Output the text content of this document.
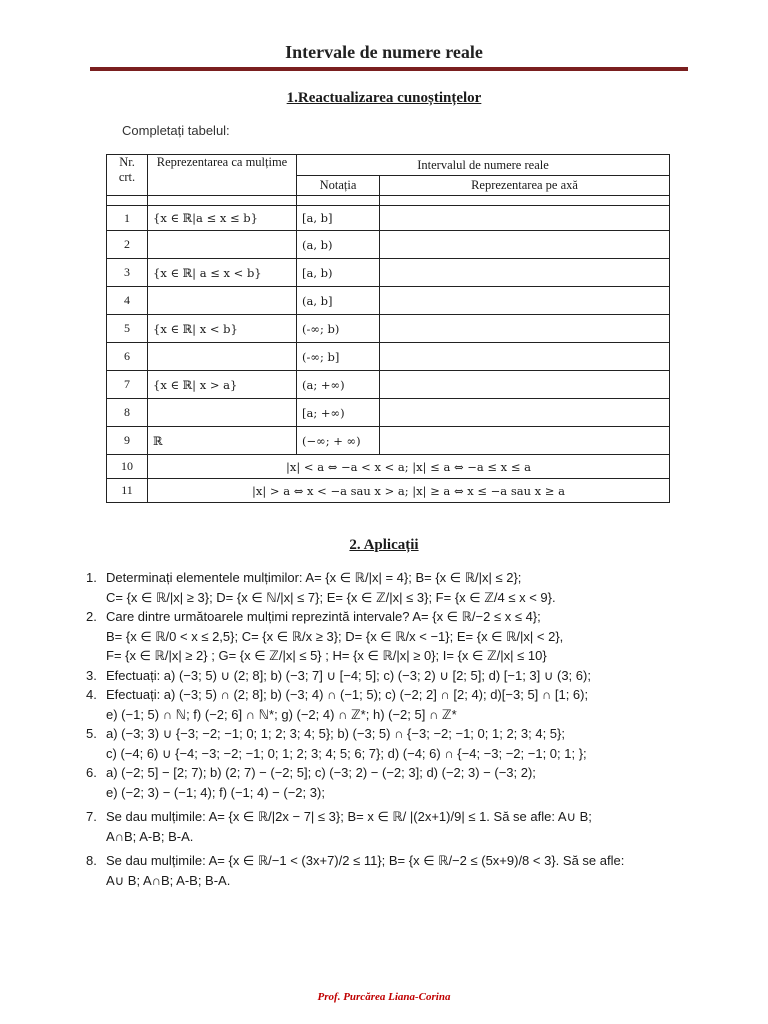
Intervale de numere reale
1.Reactualizarea cunoștințelor
Completați tabelul:
Nr. crt.	Reprezentarea ca mulțime	Intervalul de numere reale	
		Notația	Reprezentarea pe axă

1	{x ∈ ℝ|a ≤ x ≤ b}	[a, b]	
2		(a, b)	
3	{x ∈ ℝ| a ≤ x < b}	[a, b)	
4		(a, b]	
5	{x ∈ ℝ| x < b}	(-∞; b)	
6		(-∞; b]	
7	{x ∈ ℝ| x > a}	(a; +∞)	
8		[a; +∞)	
9	ℝ	(−∞; + ∞)	
10	|x| < a ⇔ −a < x < a; |x| ≤ a ⇔ −a ≤ x ≤ a		
11	|x| > a ⇔ x < −a sau x > a; |x| ≥ a ⇔ x ≤ −a sau x ≥ a		
2. Aplicații
1. Determinați elementele mulțimilor: A= {x ∈ ℝ/|x| = 4}; B= {x ∈ ℝ/|x| ≤ 2};
C= {x ∈ ℝ/|x| ≥ 3}; D= {x ∈ ℕ/|x| ≤ 7}; E= {x ∈ ℤ/|x| ≤ 3}; F= {x ∈ ℤ/4 ≤ x < 9}.
2. Care dintre următoarele mulțimi reprezintă intervale? A= {x ∈ ℝ/−2 ≤ x ≤ 4};
B= {x ∈ ℝ/0 < x ≤ 2,5}; C= {x ∈ ℝ/x ≥ 3}; D= {x ∈ ℝ/x < −1}; E= {x ∈ ℝ/|x| < 2},
F= {x ∈ ℝ/|x| ≥ 2} ; G= {x ∈ ℤ/|x| ≤ 5} ; H= {x ∈ ℝ/|x| ≥ 0}; I= {x ∈ ℤ/|x| ≤ 10}
3. Efectuați: a) (−3; 5) ∪ (2; 8]; b) (−3; 7] ∪ [−4; 5]; c) (−3; 2) ∪ [2; 5]; d) [−1; 3] ∪ (3; 6);
4. Efectuați: a) (−3; 5) ∩ (2; 8]; b) (−3; 4) ∩ (−1; 5); c) (−2; 2] ∩ [2; 4); d)[−3; 5] ∩ [1; 6);
e) (−1; 5) ∩ ℕ; f) (−2; 6] ∩ ℕ*; g) (−2; 4) ∩ ℤ*; h) (−2; 5] ∩ ℤ*
5. a) (−3; 3) ∪ {−3; −2; −1; 0; 1; 2; 3; 4; 5}; b) (−3; 5) ∩ {−3; −2; −1; 0; 1; 2; 3; 4; 5};
c) (−4; 6) ∪ {−4; −3; −2; −1; 0; 1; 2; 3; 4; 5; 6; 7}; d) (−4; 6) ∩ {−4; −3; −2; −1; 0; 1; };
6. a) (−2; 5] − [2; 7); b) (2; 7) − (−2; 5]; c) (−3; 2) − (−2; 3]; d) (−2; 3) − (−3; 2);
e) (−2; 3) − (−1; 4); f) (−1; 4) − (−2; 3);
7. Se dau mulțimile: A= {x ∈ ℝ/|2x − 7| ≤ 3}; B= x ∈ ℝ/ |(2x+1)/9| ≤ 1. Să se afle: A∪ B;
A∩B; A-B; B-A.
8. Se dau mulțimile: A= {x ∈ ℝ/−1 < (3x+7)/2 ≤ 11}; B= {x ∈ ℝ/−2 ≤ (5x+9)/8 < 3}. Să se afle:
A∪ B; A∩B; A-B; B-A.
Prof. Purcărea Liana-Corina
